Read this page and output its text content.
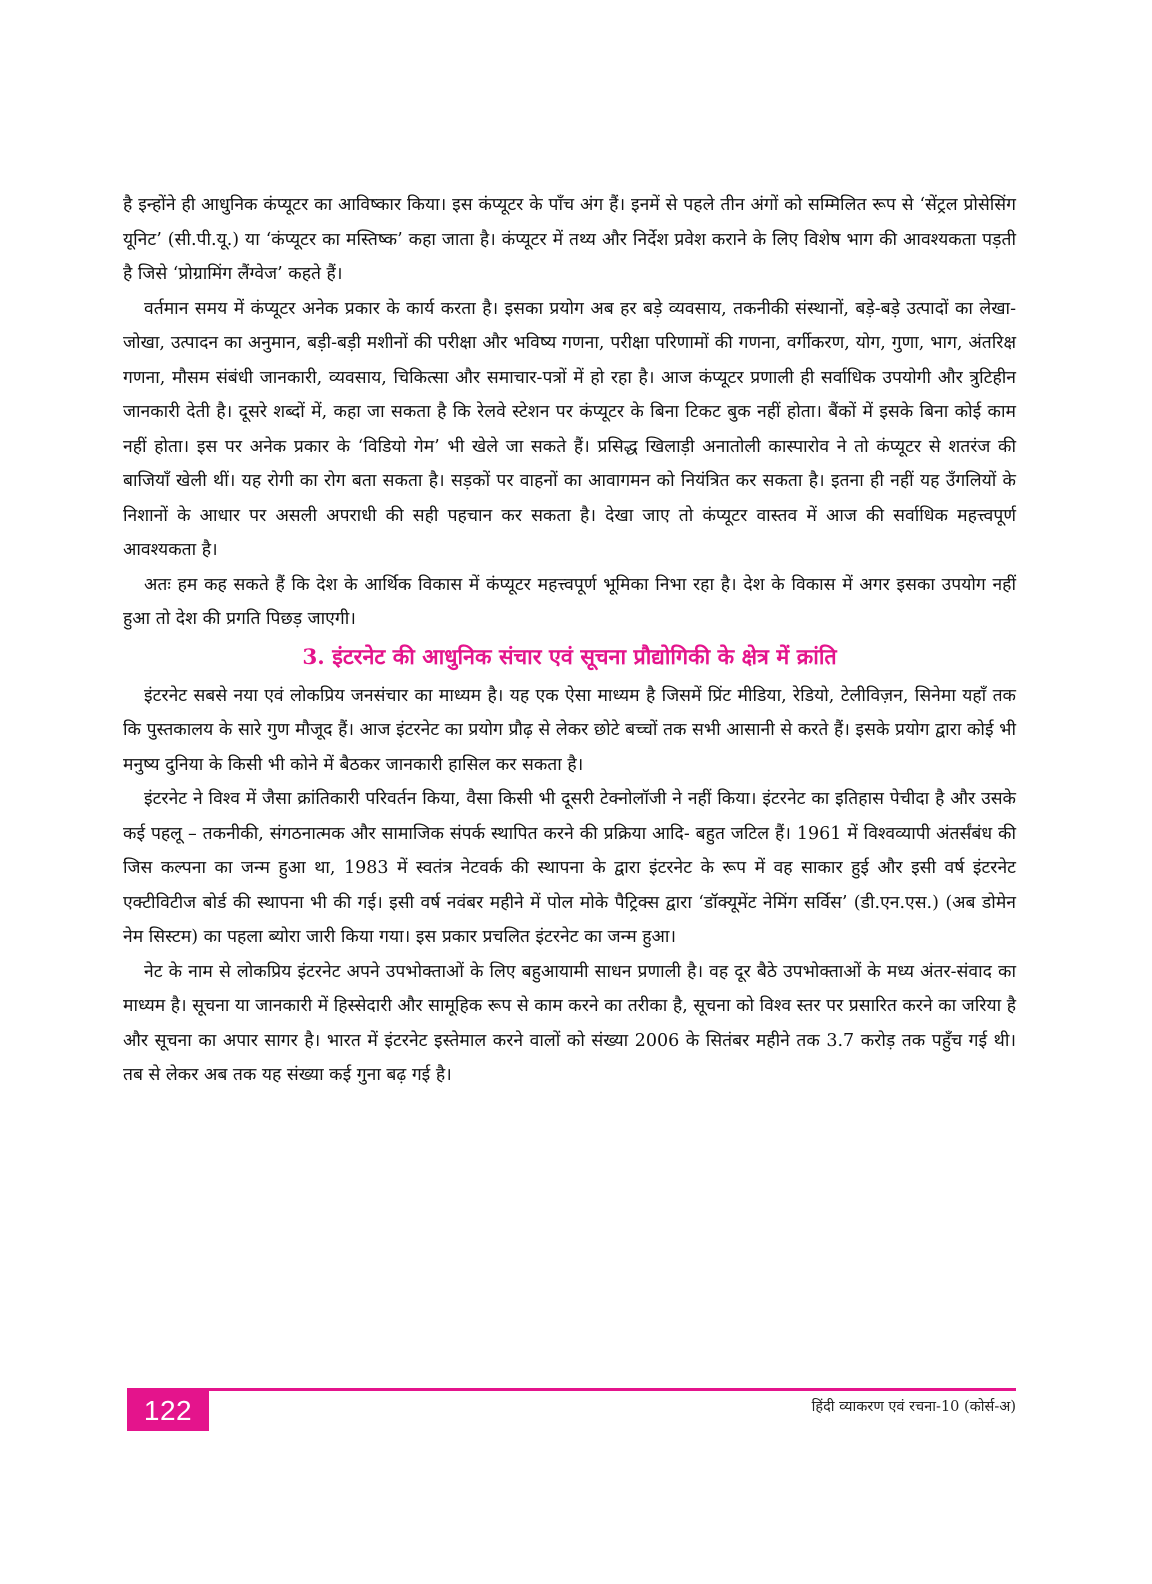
है इन्होंने ही आधुनिक कंप्यूटर का आविष्कार किया। इस कंप्यूटर के पाँच अंग हैं। इनमें से पहले तीन अंगों को सम्मिलित रूप से ‘सेंट्रल प्रोसेसिंग यूनिट’ (सी.पी.यू.) या ‘कंप्यूटर का मस्तिष्क’ कहा जाता है। कंप्यूटर में तथ्य और निर्देश प्रवेश कराने के लिए विशेष भाग की आवश्यकता पड़ती है जिसे ‘प्रोग्रामिंग लैंग्वेज’ कहते हैं।

वर्तमान समय में कंप्यूटर अनेक प्रकार के कार्य करता है। इसका प्रयोग अब हर बड़े व्यवसाय, तकनीकी संस्थानों, बड़े-बड़े उत्पादों का लेखा-जोखा, उत्पादन का अनुमान, बड़ी-बड़ी मशीनों की परीक्षा और भविष्य गणना, परीक्षा परिणामों की गणना, वर्गीकरण, योग, गुणा, भाग, अंतरिक्ष गणना, मौसम संबंधी जानकारी, व्यवसाय, चिकित्सा और समाचार-पत्रों में हो रहा है। आज कंप्यूटर प्रणाली ही सर्वाधिक उपयोगी और त्रुटिहीन जानकारी देती है। दूसरे शब्दों में, कहा जा सकता है कि रेलवे स्टेशन पर कंप्यूटर के बिना टिकट बुक नहीं होता। बैंकों में इसके बिना कोई काम नहीं होता। इस पर अनेक प्रकार के ‘विडियो गेम’ भी खेले जा सकते हैं। प्रसिद्ध खिलाड़ी अनातोली कास्पारोव ने तो कंप्यूटर से शतरंज की बाजियाँ खेली थीं। यह रोगी का रोग बता सकता है। सड़कों पर वाहनों का आवागमन को नियंत्रित कर सकता है। इतना ही नहीं यह उँगलियों के निशानों के आधार पर असली अपराधी की सही पहचान कर सकता है। देखा जाए तो कंप्यूटर वास्तव में आज की सर्वाधिक महत्त्वपूर्ण आवश्यकता है।

अतः हम कह सकते हैं कि देश के आर्थिक विकास में कंप्यूटर महत्त्वपूर्ण भूमिका निभा रहा है। देश के विकास में अगर इसका उपयोग नहीं हुआ तो देश की प्रगति पिछड़ जाएगी।

3. इंटरनेट की आधुनिक संचार एवं सूचना प्रौद्योगिकी के क्षेत्र में क्रांति

इंटरनेट सबसे नया एवं लोकप्रिय जनसंचार का माध्यम है। यह एक ऐसा माध्यम है जिसमें प्रिंट मीडिया, रेडियो, टेलीविज़न, सिनेमा यहाँ तक कि पुस्तकालय के सारे गुण मौजूद हैं। आज इंटरनेट का प्रयोग प्रौढ़ से लेकर छोटे बच्चों तक सभी आसानी से करते हैं। इसके प्रयोग द्वारा कोई भी मनुष्य दुनिया के किसी भी कोने में बैठकर जानकारी हासिल कर सकता है।

इंटरनेट ने विश्व में जैसा क्रांतिकारी परिवर्तन किया, वैसा किसी भी दूसरी टेक्नोलॉजी ने नहीं किया। इंटरनेट का इतिहास पेचीदा है और उसके कई पहलू – तकनीकी, संगठनात्मक और सामाजिक संपर्क स्थापित करने की प्रक्रिया आदि- बहुत जटिल हैं। 1961 में विश्वव्यापी अंतर्संबंध की जिस कल्पना का जन्म हुआ था, 1983 में स्वतंत्र नेटवर्क की स्थापना के द्वारा इंटरनेट के रूप में वह साकार हुई और इसी वर्ष इंटरनेट एक्टीविटीज बोर्ड की स्थापना भी की गई। इसी वर्ष नवंबर महीने में पोल मोके पैट्रिक्स द्वारा ‘डॉक्यूमेंट नेमिंग सर्विस’ (डी.एन.एस.) (अब डोमेन नेम सिस्टम) का पहला ब्योरा जारी किया गया। इस प्रकार प्रचलित इंटरनेट का जन्म हुआ।

नेट के नाम से लोकप्रिय इंटरनेट अपने उपभोक्ताओं के लिए बहुआयामी साधन प्रणाली है। वह दूर बैठे उपभोक्ताओं के मध्य अंतर-संवाद का माध्यम है। सूचना या जानकारी में हिस्सेदारी और सामूहिक रूप से काम करने का तरीका है, सूचना को विश्व स्तर पर प्रसारित करने का जरिया है और सूचना का अपार सागर है। भारत में इंटरनेट इस्तेमाल करने वालों को संख्या 2006 के सितंबर महीने तक 3.7 करोड़ तक पहुँच गई थी। तब से लेकर अब तक यह संख्या कई गुना बढ़ गई है।

122	हिंदी व्याकरण एवं रचना-10 (कोर्स-अ)
